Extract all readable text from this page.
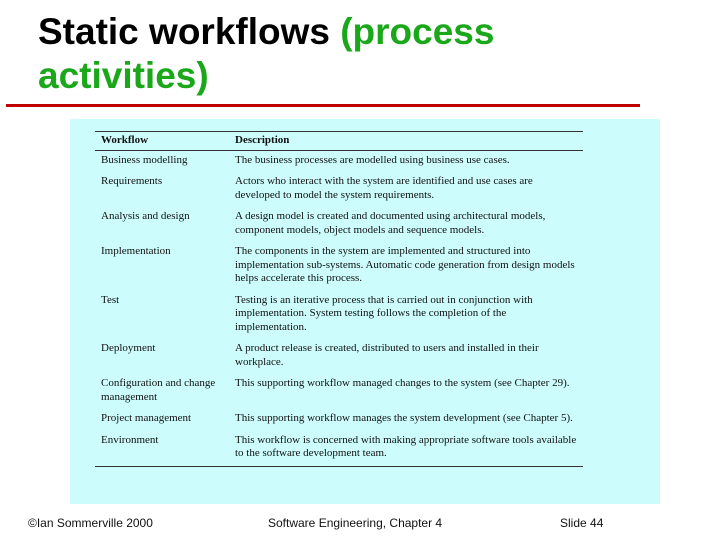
Static workflows (process
activities)
Workflow	Description
Business modelling	The business processes are modelled using business use cases.
Requirements	Actors who interact with the system are identified and use cases are developed to model the system requirements.
Analysis and design	A design model is created and documented using architectural models, component models, object models and sequence models.
Implementation	The components in the system are implemented and structured into implementation sub-systems. Automatic code generation from design models helps accelerate this process.
Test	Testing is an iterative process that is carried out in conjunction with implementation. System testing follows the completion of the implementation.
Deployment	A product release is created, distributed to users and installed in their workplace.
Configuration and change management	This supporting workflow managed changes to the system (see Chapter 29).
Project management	This supporting workflow manages the system development (see Chapter 5).
Environment	This workflow is concerned with making appropriate software tools available to the software development team.
©Ian Sommerville 2000	Software Engineering, Chapter 4	Slide 44
